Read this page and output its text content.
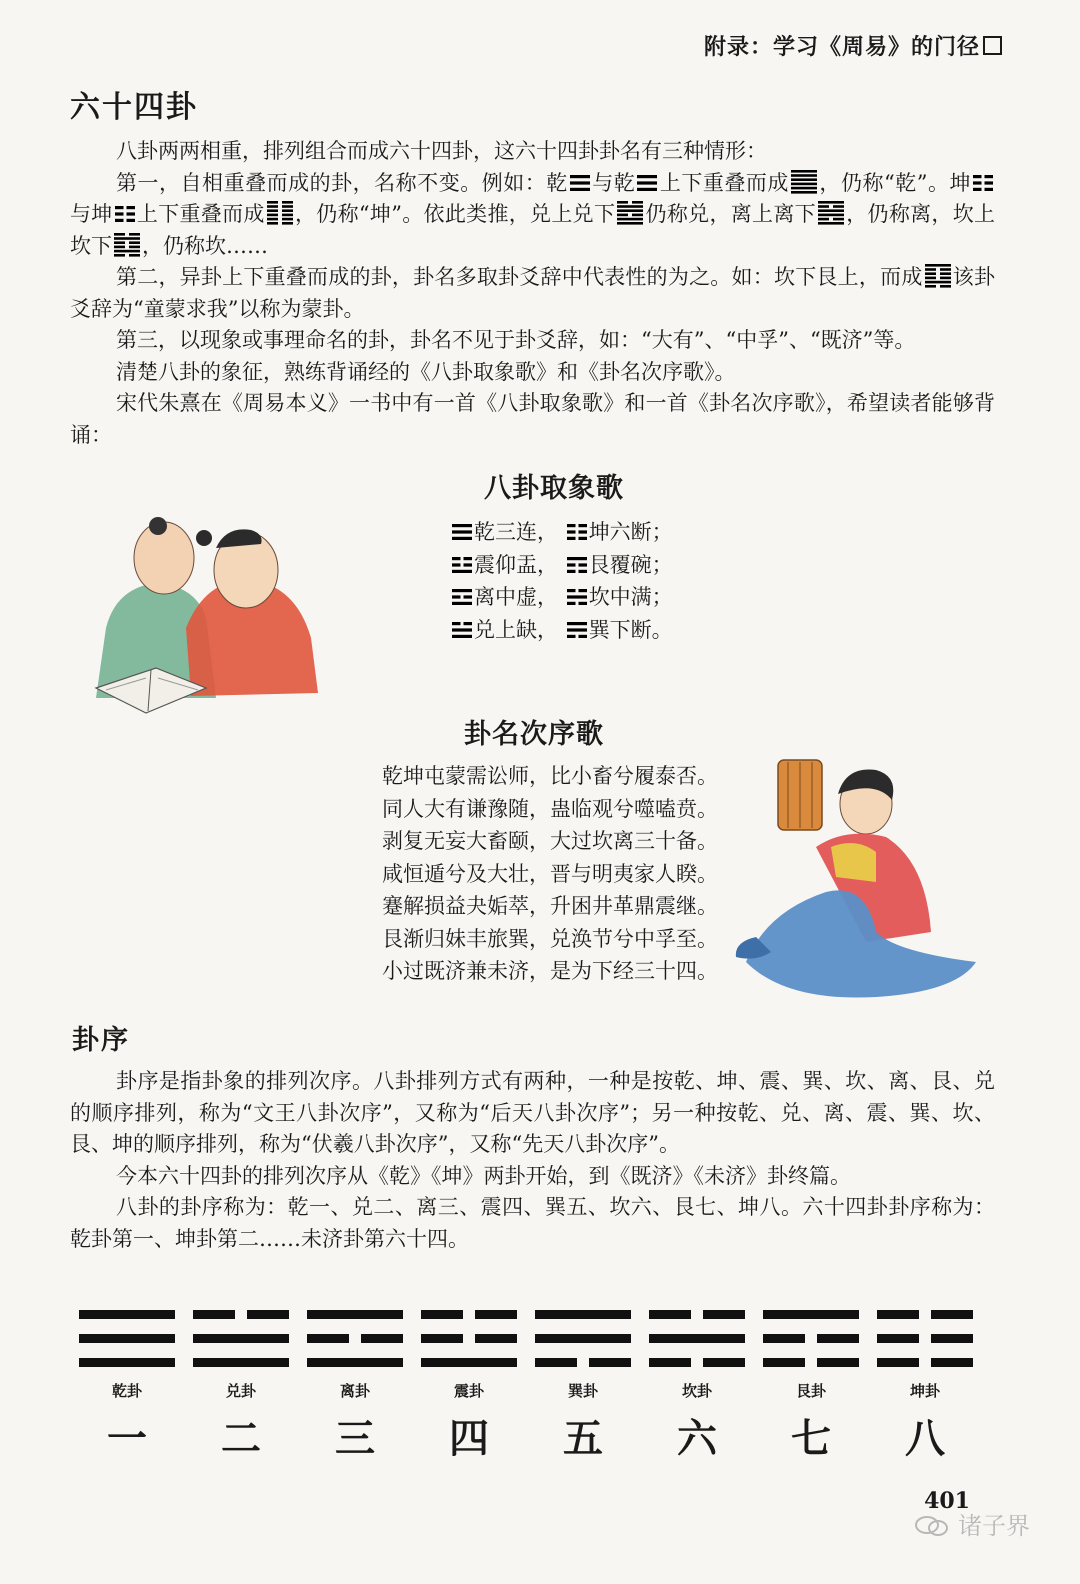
附录：学习《周易》的门径
六十四卦

八卦两两相重，排列组合而成六十四卦，这六十四卦卦名有三种情形：

第一，自相重叠而成的卦，名称不变。例如：乾 与乾 上下重叠而成 ，仍称“乾”。坤与坤 上下重叠而成 ，仍称“坤”。依此类推，兑上兑下 仍称兑，离上离下 ，仍称离，坎上坎下 ，仍称坎……

第二，异卦上下重叠而成的卦，卦名多取卦爻辞中代表性的为之。如：坎下艮上，而成 该卦爻辞为“童蒙求我”以称为蒙卦。

第三，以现象或事理命名的卦，卦名不见于卦爻辞，如：“大有”、“中孚”、“既济”等。

清楚八卦的象征，熟练背诵经的《八卦取象歌》和《卦名次序歌》。

宋代朱熹在《周易本义》一书中有一首《八卦取象歌》和一首《卦名次序歌》，希望读者能够背诵：

八卦取象歌
乾三连， 坤六断；
震仰盂， 艮覆碗；
离中虚， 坎中满；
兑上缺， 巽下断。
卦名次序歌
乾坤屯蒙需讼师，比小畜兮履泰否。
同人大有谦豫随，蛊临观兮噬嗑贲。
剥复无妄大畜颐，大过坎离三十备。
咸恒遁兮及大壮，晋与明夷家人睽。
蹇解损益夬姤萃，升困井革鼎震继。
艮渐归妹丰旅巽，兑涣节兮中孚至。
小过既济兼未济，是为下经三十四。
卦序

卦序是指卦象的排列次序。八卦排列方式有两种，一种是按乾、坤、震、巽、坎、离、艮、兑的顺序排列，称为“文王八卦次序”，又称为“后天八卦次序”；另一种按乾、兑、离、震、巽、坎、艮、坤的顺序排列，称为“伏羲八卦次序”，又称“先天八卦次序”。

今本六十四卦的排列次序从《乾》《坤》两卦开始，到《既济》《未济》卦终篇。

八卦的卦序称为：乾一、兑二、离三、震四、巽五、坎六、艮七、坤八。六十四卦卦序称为：乾卦第一、坤卦第二……未济卦第六十四。

乾卦
一
兑卦
二
离卦
三
震卦
四
巽卦
五
坎卦
六
艮卦
七
坤卦
八
401
诸子界
